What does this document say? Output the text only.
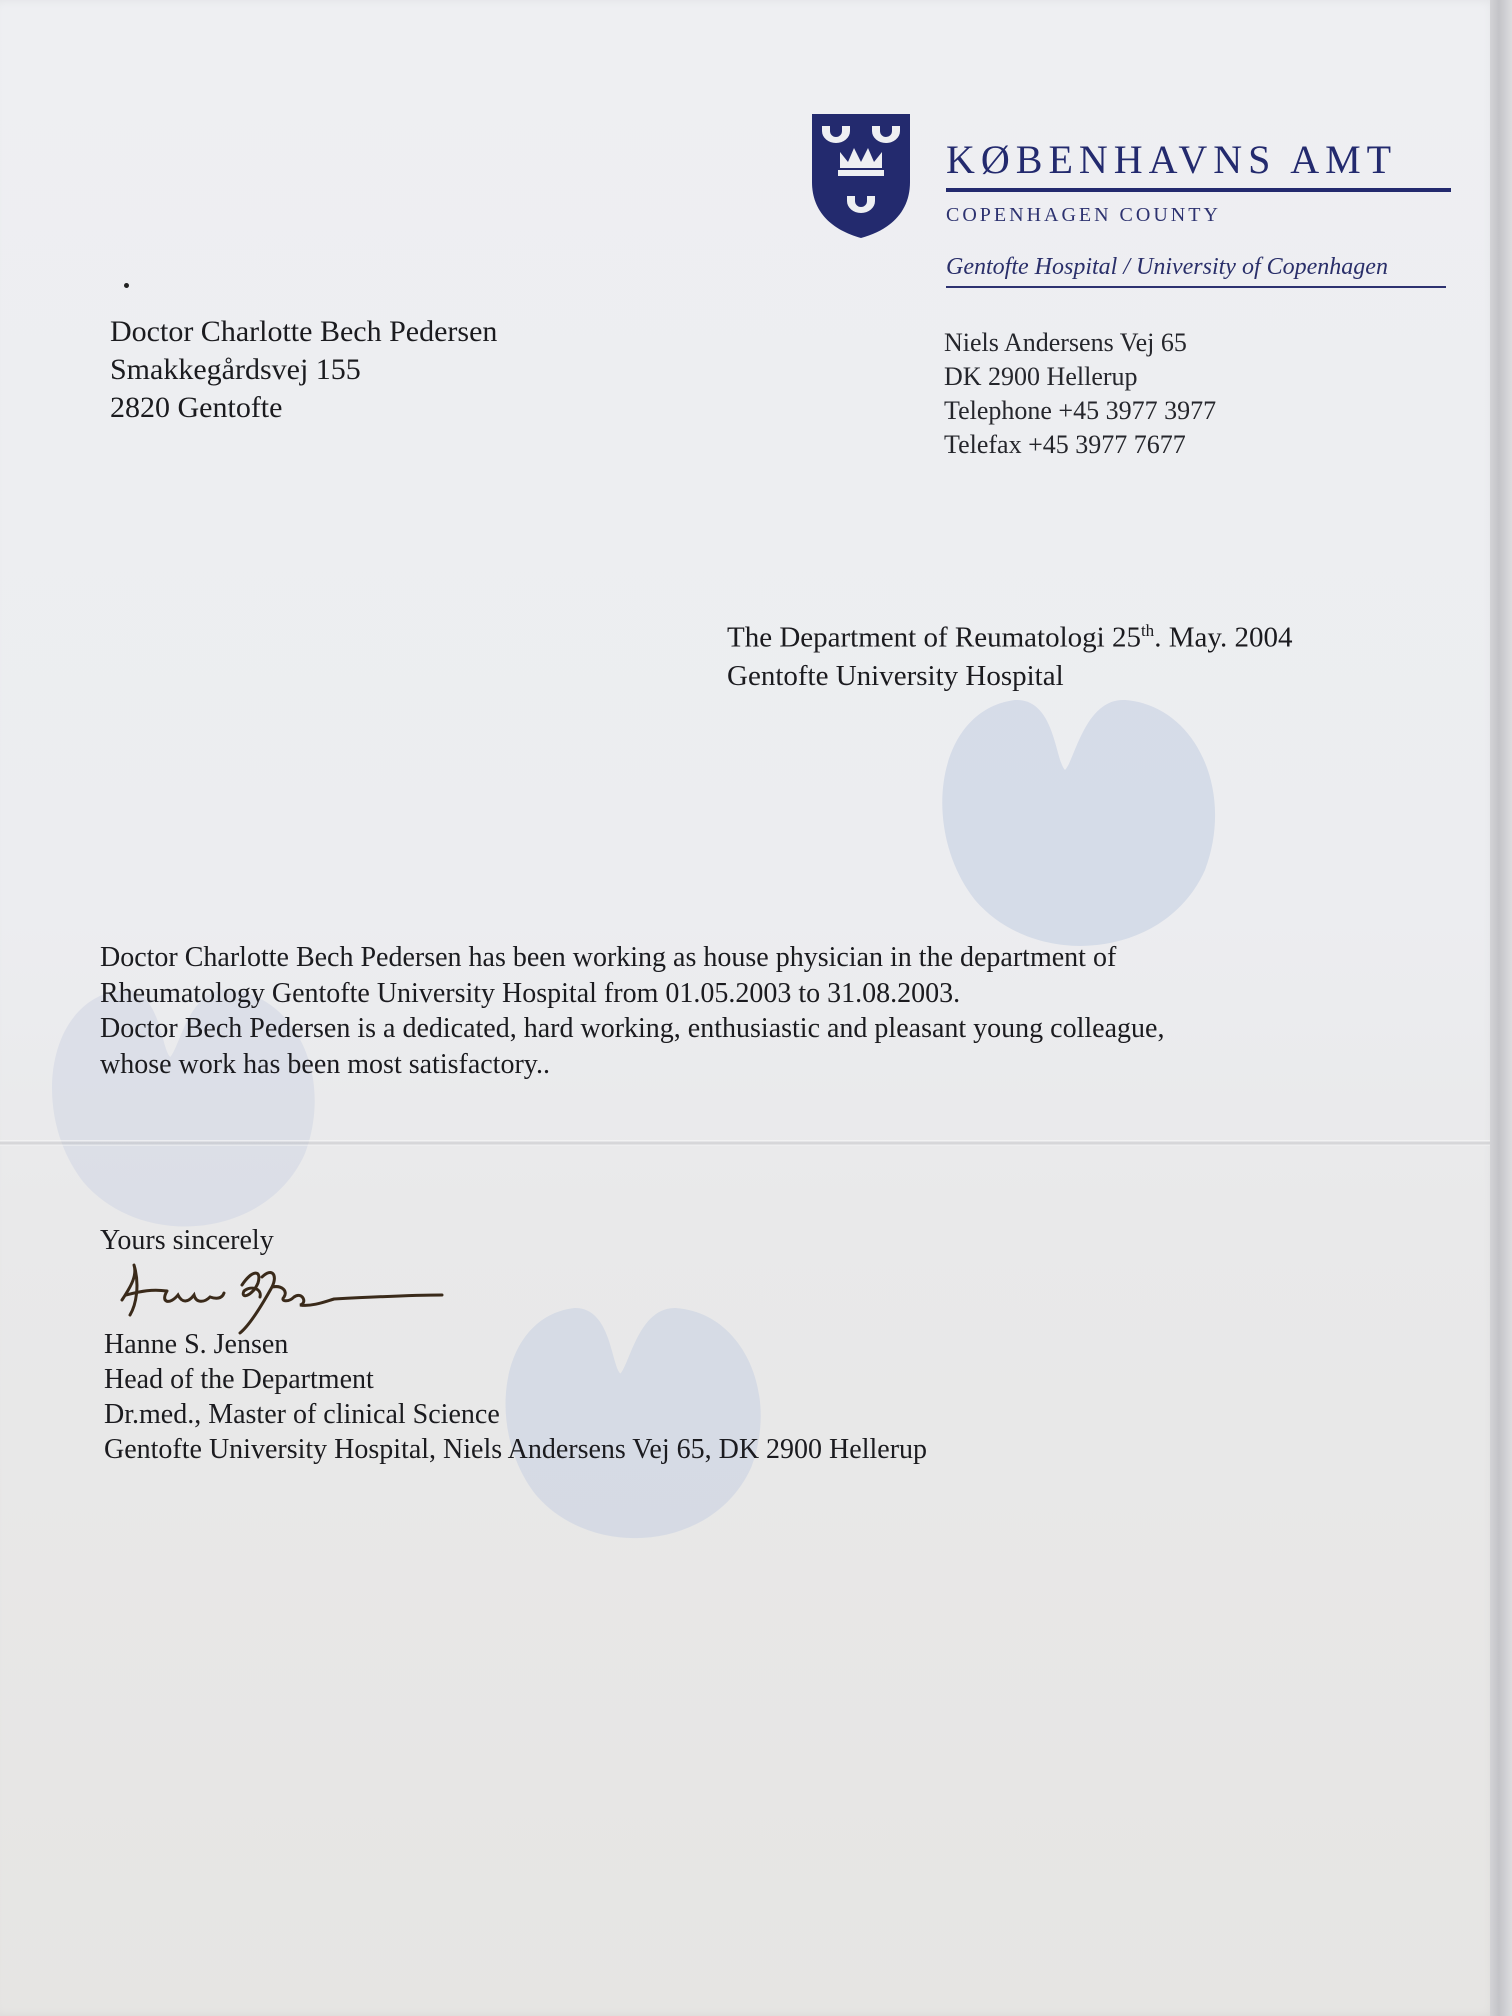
KØBENHAVNS AMT
COPENHAGEN COUNTY
Gentofte Hospital / University of Copenhagen
Niels Andersens Vej 65
DK 2900 Hellerup
Telephone +45 3977 3977
Telefax +45 3977 7677
Doctor Charlotte Bech Pedersen
Smakkegårdsvej 155
2820 Gentofte
The Department of Reumatologi 25th. May. 2004
Gentofte University Hospital
Doctor Charlotte Bech Pedersen has been working as house physician in the department of
Rheumatology Gentofte University Hospital from 01.05.2003 to 31.08.2003.
Doctor Bech Pedersen is a dedicated, hard working, enthusiastic and pleasant young colleague,
whose work has been most satisfactory..
Yours sincerely
Hanne S. Jensen
Head of the Department
Dr.med., Master of clinical Science
Gentofte University Hospital, Niels Andersens Vej 65, DK 2900 Hellerup
